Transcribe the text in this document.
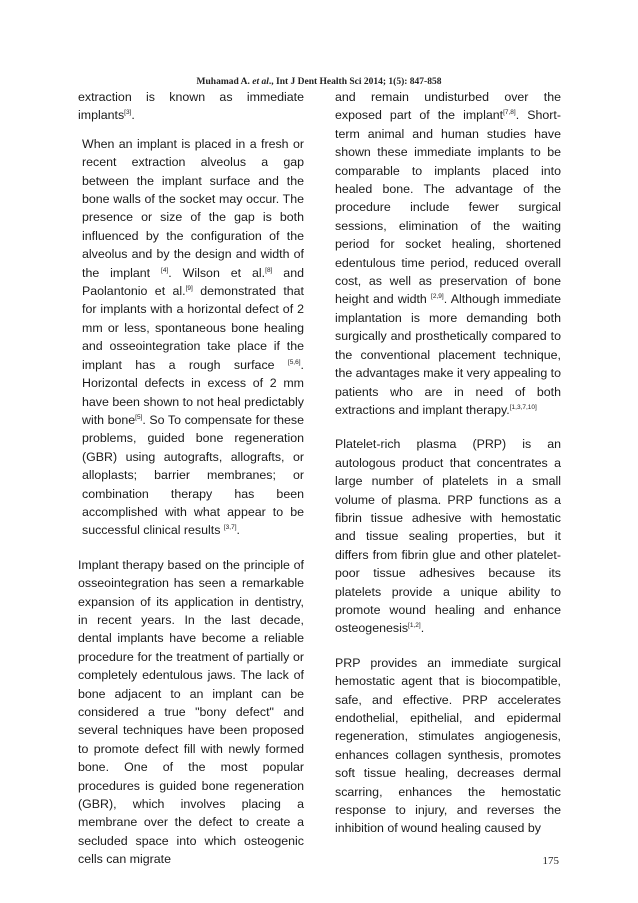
Muhamad A. et al., Int J Dent Health Sci 2014; 1(5): 847-858

extraction is known as immediate implants[3].

When an implant is placed in a fresh or recent extraction alveolus a gap between the implant surface and the bone walls of the socket may occur. The presence or size of the gap is both influenced by the configuration of the alveolus and by the design and width of the implant [4]. Wilson et al.[8] and Paolantonio et al.[9] demonstrated that for implants with a horizontal defect of 2 mm or less, spontaneous bone healing and osseointegration take place if the implant has a rough surface [5,6]. Horizontal defects in excess of 2 mm have been shown to not heal predictably with bone[5]. So To compensate for these problems, guided bone regeneration (GBR) using autografts, allografts, or alloplasts; barrier membranes; or combination therapy has been accomplished with what appear to be successful clinical results [3,7].

Implant therapy based on the principle of osseointegration has seen a remarkable expansion of its application in dentistry, in recent years. In the last decade, dental implants have become a reliable procedure for the treatment of partially or completely edentulous jaws. The lack of bone adjacent to an implant can be considered a true "bony defect" and several techniques have been proposed to promote defect fill with newly formed bone. One of the most popular procedures is guided bone regeneration (GBR), which involves placing a membrane over the defect to create a secluded space into which osteogenic cells can migrate

and remain undisturbed over the exposed part of the implant[7,8]. Short-term animal and human studies have shown these immediate implants to be comparable to implants placed into healed bone. The advantage of the procedure include fewer surgical sessions, elimination of the waiting period for socket healing, shortened edentulous time period, reduced overall cost, as well as preservation of bone height and width [2,9]. Although immediate implantation is more demanding both surgically and prosthetically compared to the conventional placement technique, the advantages make it very appealing to patients who are in need of both extractions and implant therapy.[1,3,7,10]

Platelet-rich plasma (PRP) is an autologous product that concentrates a large number of platelets in a small volume of plasma. PRP functions as a fibrin tissue adhesive with hemostatic and tissue sealing properties, but it differs from fibrin glue and other platelet-poor tissue adhesives because its platelets provide a unique ability to promote wound healing and enhance osteogenesis[1,2].

PRP provides an immediate surgical hemostatic agent that is biocompatible, safe, and effective. PRP accelerates endothelial, epithelial, and epidermal regeneration, stimulates angiogenesis, enhances collagen synthesis, promotes soft tissue healing, decreases dermal scarring, enhances the hemostatic response to injury, and reverses the inhibition of wound healing caused by

175
